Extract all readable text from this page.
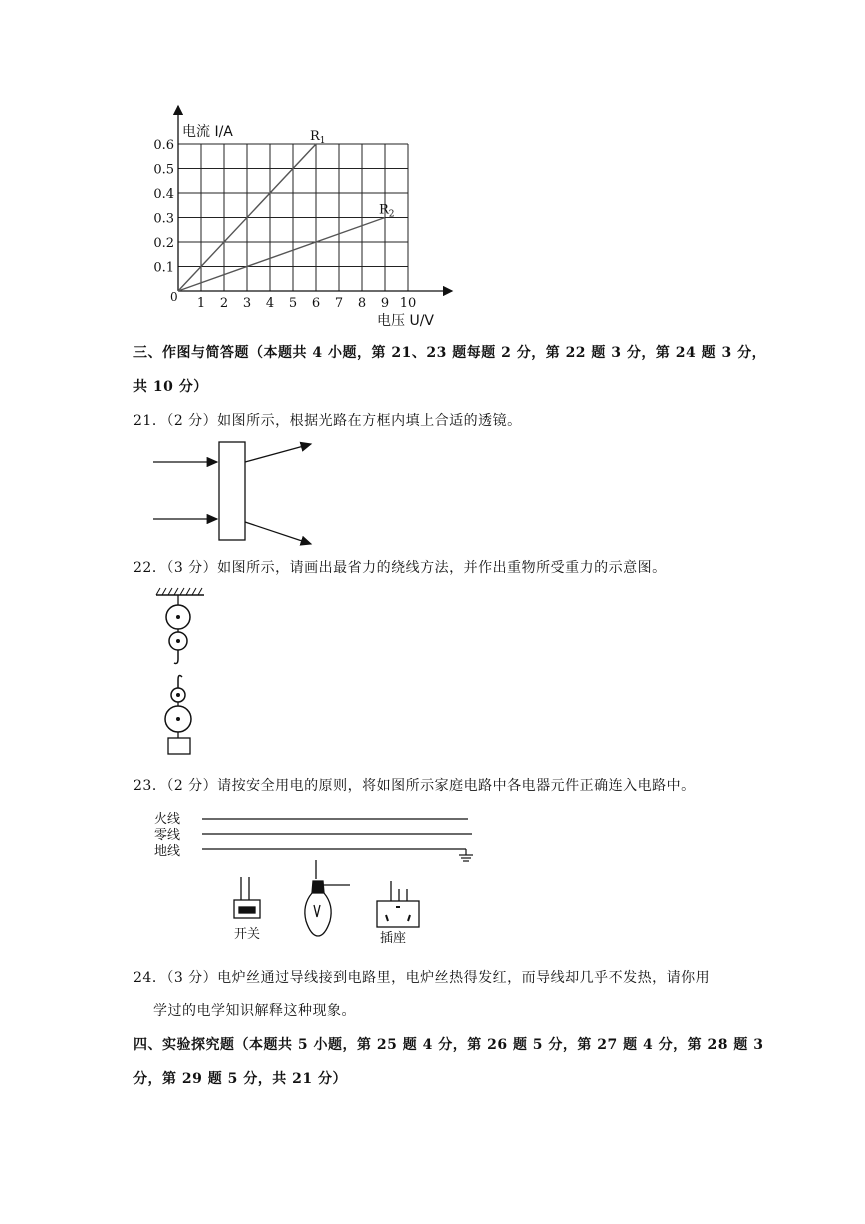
$R_1$
$R_2$
1 2 3 4 5 6 7 8 9 10
0.1
0.2
0.3
0.4
0.5
0.6
电流 I/A
电压 U/V
0
三、作图与简答题（本题共 4 小题，第 21、23 题每题 2 分，第 22 题 3 分，第 24 题 3 分，
共 10 分）
21．（2 分）如图所示，根据光路在方框内填上合适的透镜。
22．（3 分）如图所示，请画出最省力的绕线方法，并作出重物所受重力的示意图。
23．（2 分）请按安全用电的原则，将如图所示家庭电路中各电器元件正确连入电路中。
火线
零线
地线
开关	插座
24．（3 分）电炉丝通过导线接到电路里，电炉丝热得发红，而导线却几乎不发热，请你用
学过的电学知识解释这种现象。
四、实验探究题（本题共 5 小题，第 25 题 4 分，第 26 题 5 分，第 27 题 4 分，第 28 题 3
分，第 29 题 5 分，共 21 分）
